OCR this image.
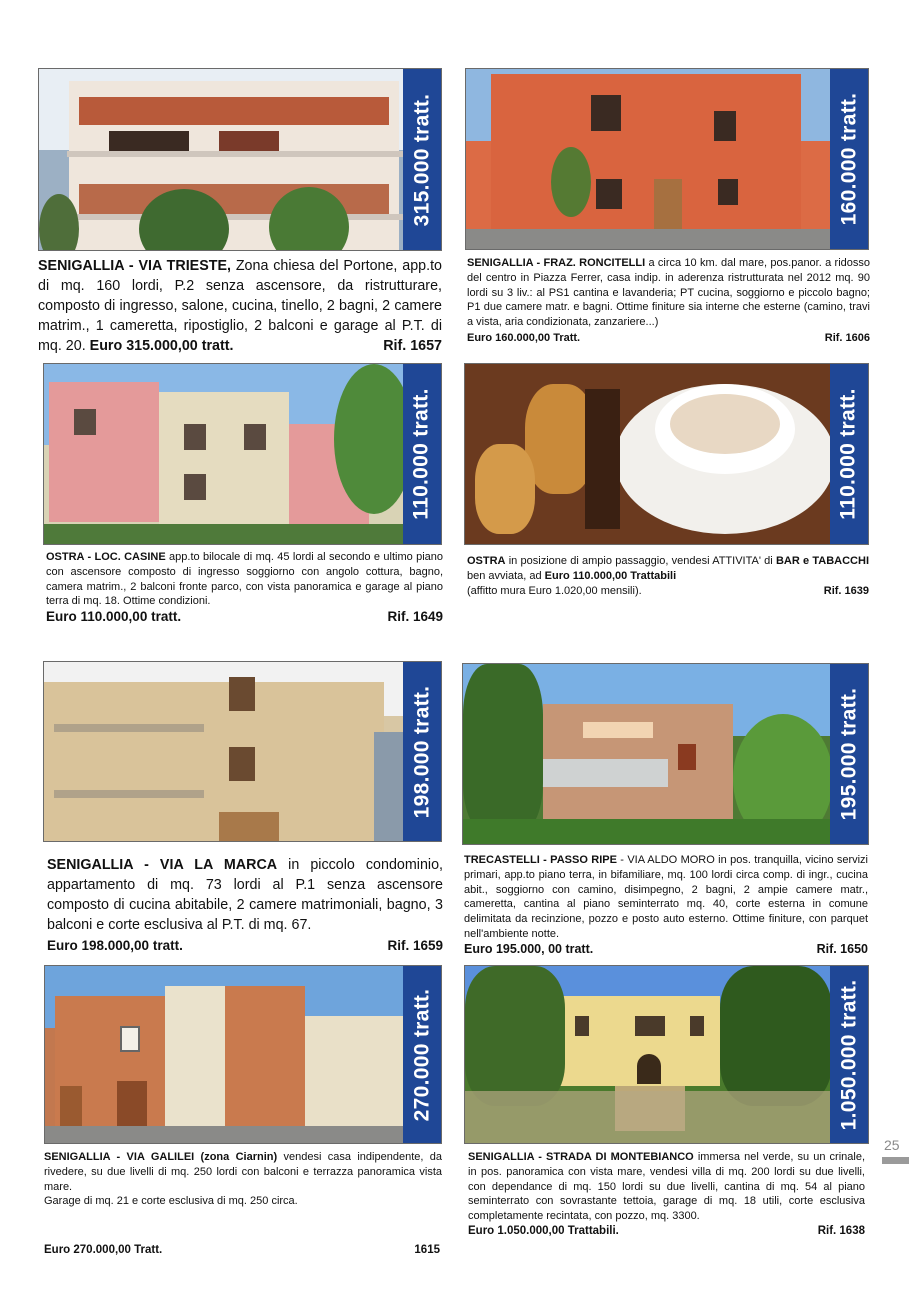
315.000 tratt.
SENIGALLIA - VIA TRIESTE, Zona chiesa del Portone, app.to di mq. 160 lordi, P.2 senza ascensore, da ristrutturare, composto di ingresso, salone, cucina, tinello, 2 bagni, 2 camere matrim., 1 cameretta, ripostiglio, 2 balconi e garage al P.T. di mq. 20. Euro 315.000,00 tratt.	Rif. 1657
160.000 tratt.
SENIGALLIA - FRAZ. RONCITELLI a circa 10 km. dal mare, pos.panor. a ridosso del centro in Piazza Ferrer, casa indip. in aderenza ristrutturata nel 2012 mq. 90 lordi su 3 liv.: al PS1 cantina e lavanderia; PT cucina, soggiorno e piccolo bagno; P1 due camere matr. e bagni. Ottime finiture sia interne che esterne (camino, travi a vista, aria condizionata, zanzariere...)
Euro 160.000,00 Tratt.	Rif. 1606
110.000 tratt.
OSTRA - LOC. CASINE app.to bilocale di mq. 45 lordi al secondo e ultimo piano con ascensore composto di ingresso soggiorno con angolo cottura, bagno, camera matrim., 2 balconi fronte parco, con vista panoramica e garage al piano terra di mq. 18. Ottime condizioni.
Euro 110.000,00 tratt.	Rif. 1649
110.000 tratt.
OSTRA in posizione di ampio passaggio, vendesi ATTIVITA' di BAR e TABACCHI ben avviata, ad Euro 110.000,00 Trattabili
(affitto mura Euro 1.020,00 mensili).	Rif. 1639
198.000 tratt.
SENIGALLIA - VIA LA MARCA in piccolo condominio, appartamento di mq. 73 lordi al P.1 senza ascensore composto di cucina abitabile, 2 camere matrimoniali, bagno, 3 balconi e corte esclusiva al P.T. di mq. 67.
Euro 198.000,00 tratt.	Rif. 1659
195.000 tratt.
TRECASTELLI - PASSO RIPE - VIA ALDO MORO in pos. tranquilla, vicino servizi primari, app.to piano terra, in bifamiliare, mq. 100 lordi circa comp. di ingr., cucina abit., soggiorno con camino, disimpegno, 2 bagni, 2 ampie camere matr., cameretta, cantina al piano seminterrato mq. 40, corte esterna in comune delimitata da recinzione, pozzo e posto auto esterno. Ottime finiture, con parquet nell'ambiente notte.
Euro 195.000, 00 tratt.	Rif. 1650
270.000 tratt.
SENIGALLIA - VIA GALILEI (zona Ciarnin) vendesi casa indipendente, da rivedere, su due livelli di mq. 250 lordi con balconi e terrazza panoramica vista mare.
Garage di mq. 21 e corte esclusiva di mq. 250 circa.
Euro 270.000,00 Tratt.	1615
1.050.000 tratt.
SENIGALLIA - STRADA DI MONTEBIANCO immersa nel verde, su un crinale, in pos. panoramica con vista mare, vendesi villa di mq. 200 lordi su due livelli, con dependance di mq. 150 lordi su due livelli, cantina di mq. 54 al piano seminterrato con sovrastante tettoia, garage di mq. 18 utili, corte esclusiva completamente recintata, con pozzo, mq. 3300.
Euro 1.050.000,00 Trattabili.	Rif. 1638
25
